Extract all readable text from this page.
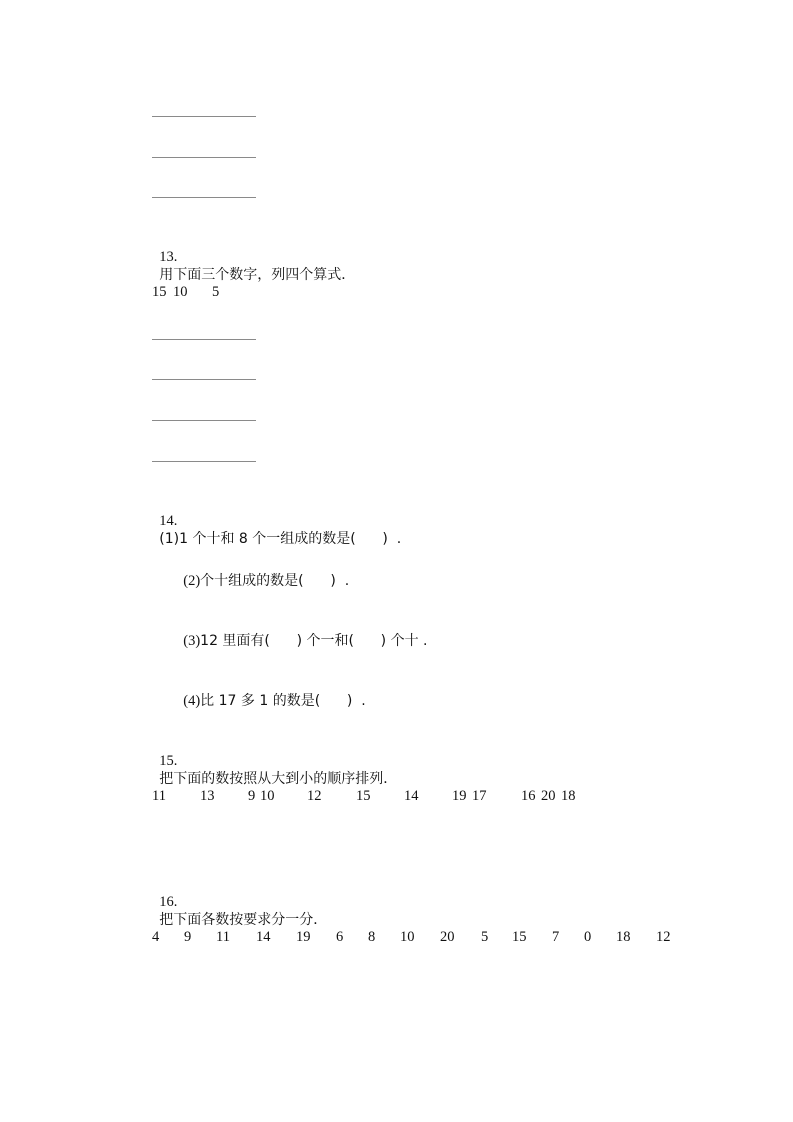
13.
用下面三个数字，列四个算式．

15 10 5

14.
(1)1 个十和 8 个一组成的数是(      )  .

(2)个十组成的数是(      )  .

(3)12 里面有(      ) 个一和(      ) 个十 .

(4)比 17 多 1 的数是(      )  .

15.
把下面的数按照从大到小的顺序排列．

11 13 9 10 12 15 14 19 17 16 20 18

16.
把下面各数按要求分一分．

4 9 11 14 19 6 8 10 20 5 15 7 0 18 12
